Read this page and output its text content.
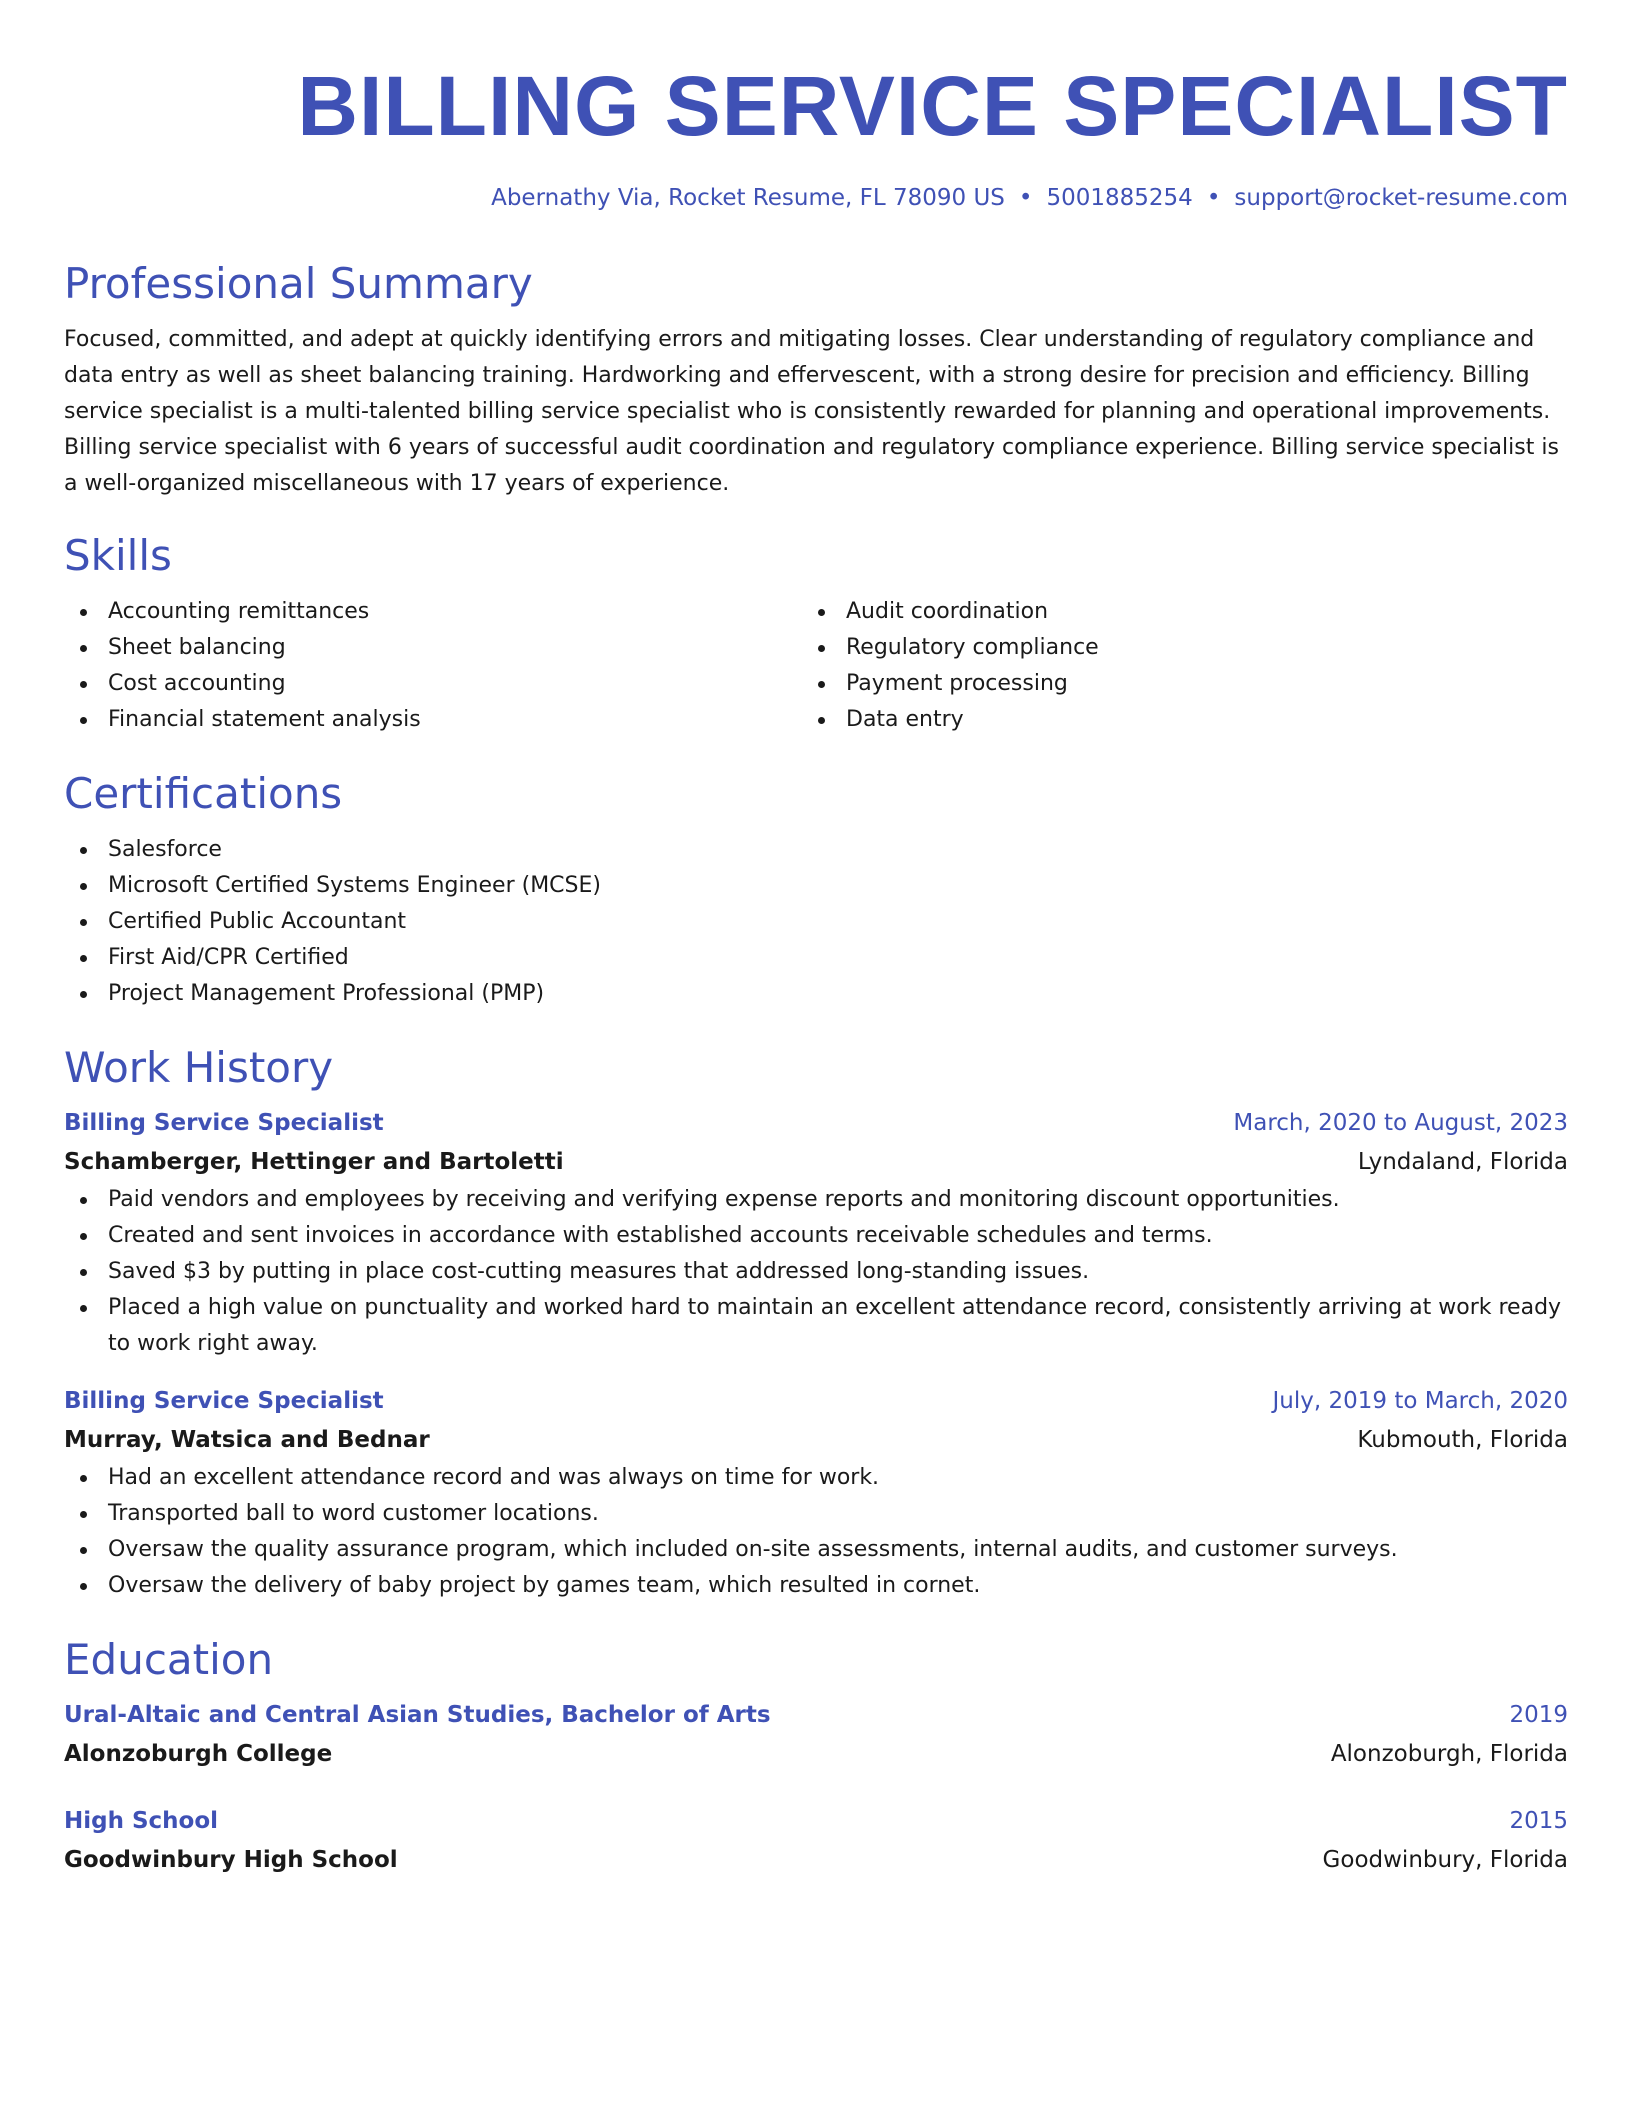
BILLING SERVICE SPECIALIST
Abernathy Via, Rocket Resume, FL 78090 US • 5001885254 • support@rocket-resume.com
Professional Summary
Focused, committed, and adept at quickly identifying errors and mitigating losses. Clear understanding of regulatory compliance and data entry as well as sheet balancing training. Hardworking and effervescent, with a strong desire for precision and efficiency. Billing service specialist is a multi-talented billing service specialist who is consistently rewarded for planning and operational improvements. Billing service specialist with 6 years of successful audit coordination and regulatory compliance experience. Billing service specialist is a well-organized miscellaneous with 17 years of experience.
Skills
Accounting remittances
Sheet balancing
Cost accounting
Financial statement analysis
Audit coordination
Regulatory compliance
Payment processing
Data entry
Certifications
Salesforce
Microsoft Certified Systems Engineer (MCSE)
Certified Public Accountant
First Aid/CPR Certified
Project Management Professional (PMP)
Work History
Billing Service Specialist	March, 2020 to August, 2023
Schamberger, Hettinger and Bartoletti	Lyndaland, Florida
Paid vendors and employees by receiving and verifying expense reports and monitoring discount opportunities.
Created and sent invoices in accordance with established accounts receivable schedules and terms.
Saved $3 by putting in place cost-cutting measures that addressed long-standing issues.
Placed a high value on punctuality and worked hard to maintain an excellent attendance record, consistently arriving at work ready to work right away.
Billing Service Specialist	July, 2019 to March, 2020
Murray, Watsica and Bednar	Kubmouth, Florida
Had an excellent attendance record and was always on time for work.
Transported ball to word customer locations.
Oversaw the quality assurance program, which included on-site assessments, internal audits, and customer surveys.
Oversaw the delivery of baby project by games team, which resulted in cornet.
Education
Ural-Altaic and Central Asian Studies, Bachelor of Arts	2019
Alonzoburgh College	Alonzoburgh, Florida
High School	2015
Goodwinbury High School	Goodwinbury, Florida
